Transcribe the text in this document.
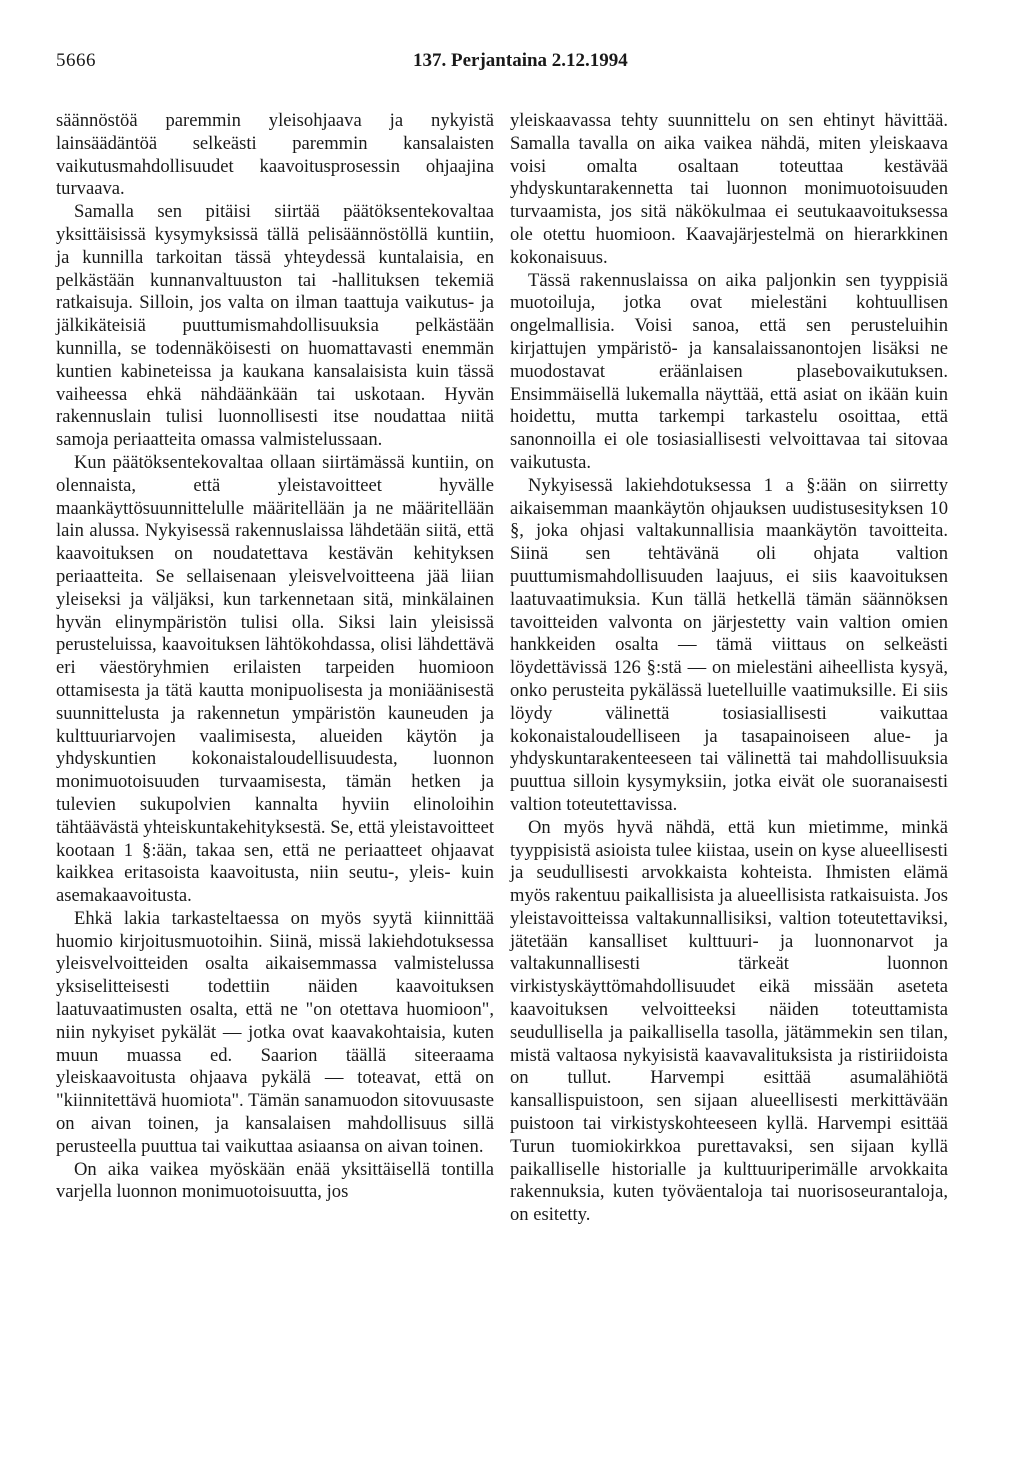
5666	137. Perjantaina 2.12.1994

säännöstöä paremmin yleisohjaava ja nykyistä lainsäädäntöä selkeästi paremmin kansalaisten vaikutusmahdollisuudet kaavoitusprosessin ohjaajina turvaava.

Samalla sen pitäisi siirtää päätöksentekovaltaa yksittäisissä kysymyksissä tällä pelisäännöstöllä kuntiin, ja kunnilla tarkoitan tässä yhteydessä kuntalaisia, en pelkästään kunnanvaltuuston tai -hallituksen tekemiä ratkaisuja. Silloin, jos valta on ilman taattuja vaikutus- ja jälkikäteisiä puuttumismahdollisuuksia pelkästään kunnilla, se todennäköisesti on huomattavasti enemmän kuntien kabineteissa ja kaukana kansalaisista kuin tässä vaiheessa ehkä nähdäänkään tai uskotaan. Hyvän rakennuslain tulisi luonnollisesti itse noudattaa niitä samoja periaatteita omassa valmistelussaan.

Kun päätöksentekovaltaa ollaan siirtämässä kuntiin, on olennaista, että yleistavoitteet hyvälle maankäyttösuunnittelulle määritellään ja ne määritellään lain alussa. Nykyisessä rakennuslaissa lähdetään siitä, että kaavoituksen on noudatettava kestävän kehityksen periaatteita. Se sellaisenaan yleisvelvoitteena jää liian yleiseksi ja väljäksi, kun tarkennetaan sitä, minkälainen hyvän elinympäristön tulisi olla. Siksi lain yleisissä perusteluissa, kaavoituksen lähtökohdassa, olisi lähdettävä eri väestöryhmien erilaisten tarpeiden huomioon ottamisesta ja tätä kautta monipuolisesta ja moniäänisestä suunnittelusta ja rakennetun ympäristön kauneuden ja kulttuuriarvojen vaalimisesta, alueiden käytön ja yhdyskuntien kokonaistaloudellisuudesta, luonnon monimuotoisuuden turvaamisesta, tämän hetken ja tulevien sukupolvien kannalta hyviin elinoloihin tähtäävästä yhteiskuntakehityksestä. Se, että yleistavoitteet kootaan 1 §:ään, takaa sen, että ne periaatteet ohjaavat kaikkea eritasoista kaavoitusta, niin seutu-, yleis- kuin asemakaavoitusta.

Ehkä lakia tarkasteltaessa on myös syytä kiinnittää huomio kirjoitusmuotoihin. Siinä, missä lakiehdotuksessa yleisvelvoitteiden osalta aikaisemmassa valmistelussa yksiselitteisesti todettiin näiden kaavoituksen laatuvaatimusten osalta, että ne "on otettava huomioon", niin nykyiset pykälät — jotka ovat kaavakohtaisia, kuten muun muassa ed. Saarion täällä siteeraama yleiskaavoitusta ohjaava pykälä — toteavat, että on "kiinnitettävä huomiota". Tämän sanamuodon sitovuusaste on aivan toinen, ja kansalaisen mahdollisuus sillä perusteella puuttua tai vaikuttaa asiaansa on aivan toinen.

On aika vaikea myöskään enää yksittäisellä tontilla varjella luonnon monimuotoisuutta, jos

yleiskaavassa tehty suunnittelu on sen ehtinyt hävittää. Samalla tavalla on aika vaikea nähdä, miten yleiskaava voisi omalta osaltaan toteuttaa kestävää yhdyskuntarakennetta tai luonnon monimuotoisuuden turvaamista, jos sitä näkökulmaa ei seutukaavoituksessa ole otettu huomioon. Kaavajärjestelmä on hierarkkinen kokonaisuus.

Tässä rakennuslaissa on aika paljonkin sen tyyppisiä muotoiluja, jotka ovat mielestäni kohtuullisen ongelmallisia. Voisi sanoa, että sen perusteluihin kirjattujen ympäristö- ja kansalaissanontojen lisäksi ne muodostavat eräänlaisen plasebovaikutuksen. Ensimmäisellä lukemalla näyttää, että asiat on ikään kuin hoidettu, mutta tarkempi tarkastelu osoittaa, että sanonnoilla ei ole tosiasiallisesti velvoittavaa tai sitovaa vaikutusta.

Nykyisessä lakiehdotuksessa 1 a §:ään on siirretty aikaisemman maankäytön ohjauksen uudistusesityksen 10 §, joka ohjasi valtakunnallisia maankäytön tavoitteita. Siinä sen tehtävänä oli ohjata valtion puuttumismahdollisuuden laajuus, ei siis kaavoituksen laatuvaatimuksia. Kun tällä hetkellä tämän säännöksen tavoitteiden valvonta on järjestetty vain valtion omien hankkeiden osalta — tämä viittaus on selkeästi löydettävissä 126 §:stä — on mielestäni aiheellista kysyä, onko perusteita pykälässä luetelluille vaatimuksille. Ei siis löydy välinettä tosiasiallisesti vaikuttaa kokonaistaloudelliseen ja tasapainoiseen alue- ja yhdyskuntarakenteeseen tai välinettä tai mahdollisuuksia puuttua silloin kysymyksiin, jotka eivät ole suoranaisesti valtion toteutettavissa.

On myös hyvä nähdä, että kun mietimme, minkä tyyppisistä asioista tulee kiistaa, usein on kyse alueellisesti ja seudullisesti arvokkaista kohteista. Ihmisten elämä myös rakentuu paikallisista ja alueellisista ratkaisuista. Jos yleistavoitteissa valtakunnallisiksi, valtion toteutettaviksi, jätetään kansalliset kulttuuri- ja luonnonarvot ja valtakunnallisesti tärkeät luonnon virkistyskäyttömahdollisuudet eikä missään aseteta kaavoituksen velvoitteeksi näiden toteuttamista seudullisella ja paikallisella tasolla, jätämmekin sen tilan, mistä valtaosa nykyisistä kaavavalituksista ja ristiriidoista on tullut. Harvempi esittää asumalähiötä kansallispuistoon, sen sijaan alueellisesti merkittävään puistoon tai virkistyskohteeseen kyllä. Harvempi esittää Turun tuomiokirkkoa purettavaksi, sen sijaan kyllä paikalliselle historialle ja kulttuuriperimälle arvokkaita rakennuksia, kuten työväentaloja tai nuorisoseurantaloja, on esitetty.
